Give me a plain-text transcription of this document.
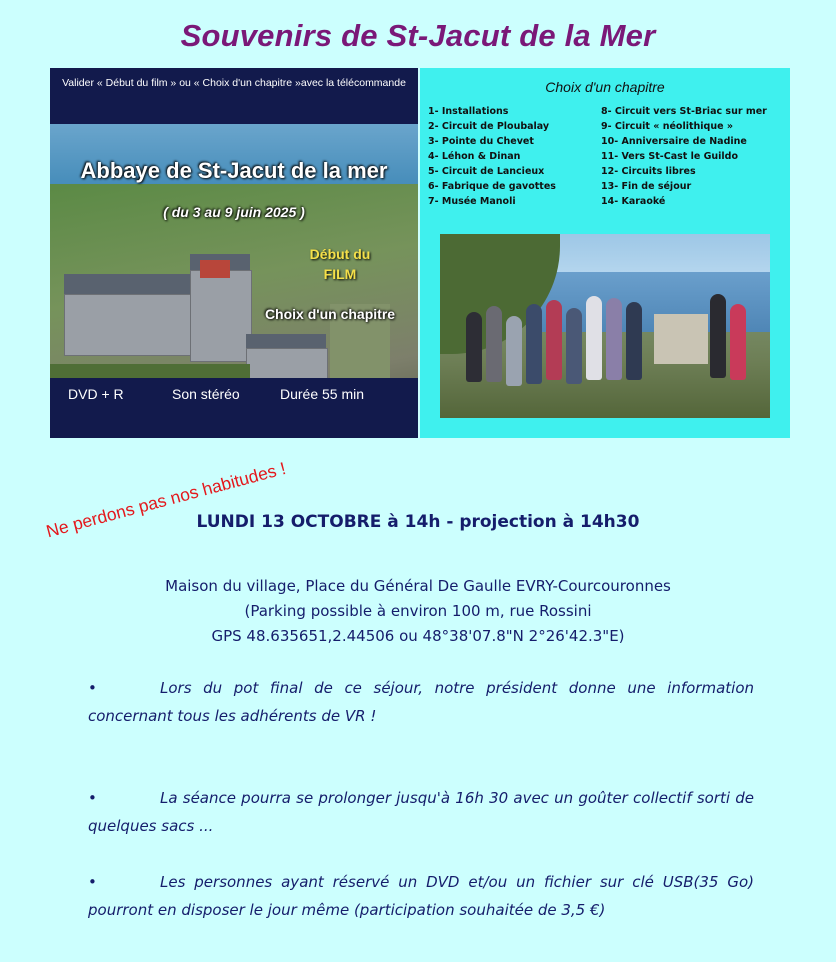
Souvenirs de St-Jacut de la Mer
Valider « Début du film » ou « Choix d'un chapitre »avec la télécommande
Abbaye de St-Jacut de la mer
( du 3 au 9 juin 2025 )
Début du
FILM
Choix d'un chapitre
DVD + R	Son stéréo	Durée 55 min
Choix d'un chapitre
1- Installations
2- Circuit de Ploubalay
3- Pointe du Chevet
4- Léhon & Dinan
5- Circuit de Lancieux
6- Fabrique de gavottes
7- Musée Manoli
8- Circuit vers St-Briac sur mer
9- Circuit « néolithique »
10- Anniversaire de Nadine
11- Vers St-Cast le Guildo
12- Circuits libres
13- Fin de séjour
14- Karaoké
Ne perdons pas nos habitudes !
LUNDI 13 OCTOBRE à 14h - projection à 14h30
Maison du village, Place du Général De Gaulle EVRY-Courcouronnes
(Parking possible à environ 100 m, rue Rossini
GPS 48.635651,2.44506 ou 48°38'07.8"N 2°26'42.3"E)
•	Lors du pot final de ce séjour, notre président donne une information concernant tous les adhérents de VR !
•	La séance pourra se prolonger jusqu'à 16h 30 avec un goûter collectif sorti de quelques sacs ...
•	Les personnes ayant réservé un DVD et/ou un fichier sur clé USB(35 Go) pourront en disposer le jour même (participation souhaitée de 3,5 €)
